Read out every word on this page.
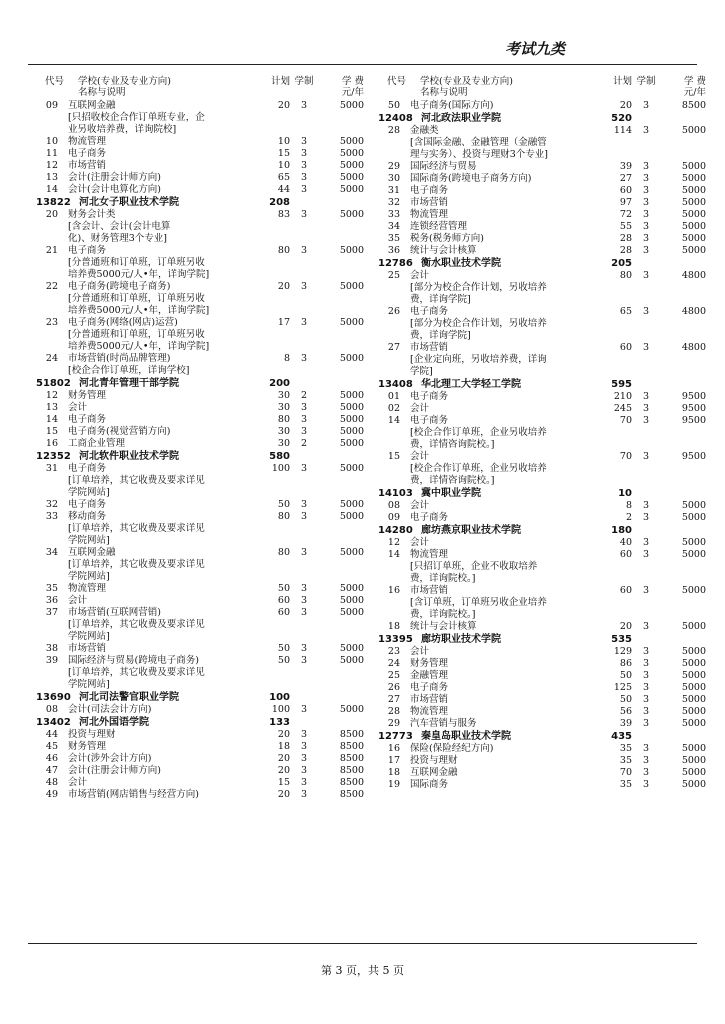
考试九类
代号	学校(专业及专业方向)
名称与说明
计划 学制	学 费
元/年
09	互联网金融
[只招收校企合作订单班专业，企
业另收培养费，详询院校]
20	3	5000
10	物流管理	10	3	5000
11	电子商务	15	3	5000
12	市场营销	10	3	5000
13	会计(注册会计师方向)	65	3	5000
14	会计(会计电算化方向)	44	3	5000
13822 河北女子职业技术学院	208
20	财务会计类
[含会计、会计(会计电算
化)、财务管理3个专业]
83	3	5000
21	电子商务
[分普通班和订单班，订单班另收
培养费5000元/人•年，详询学院]
80	3	5000
22	电子商务(跨境电子商务)
[分普通班和订单班，订单班另收
培养费5000元/人•年，详询学院]
20	3	5000
23	电子商务(网络(网店)运营)
[分普通班和订单班，订单班另收
培养费5000元/人•年，详询学院]
17	3	5000
24	市场营销(时尚品牌管理)
[校企合作订单班，详询学校]
8	3	5000
51802 河北青年管理干部学院	200
12	财务管理	30	2	5000
13	会计	30	3	5000
14	电子商务	80	3	5000
15	电子商务(视觉营销方向)	30	3	5000
16	工商企业管理	30	2	5000
12352 河北软件职业技术学院	580
31	电子商务
[订单培养，其它收费及要求详见
学院网站]
100	3	5000
32	电子商务	50	3	5000
33	移动商务
[订单培养，其它收费及要求详见
学院网站]
80	3	5000
34	互联网金融
[订单培养，其它收费及要求详见
学院网站]
80	3	5000
35	物流管理	50	3	5000
36	会计	60	3	5000
37	市场营销(互联网营销)
[订单培养，其它收费及要求详见
学院网站]
60	3	5000
38	市场营销	50	3	5000
39	国际经济与贸易(跨境电子商务)
[订单培养，其它收费及要求详见
学院网站]
50	3	5000
13690 河北司法警官职业学院	100
08	会计(司法会计方向)	100	3	5000
13402 河北外国语学院	133
44	投资与理财	20	3	8500
45	财务管理	18	3	8500
46	会计(涉外会计方向)	20	3	8500
47	会计(注册会计师方向)	20	3	8500
48	会计	15	3	8500
49	市场营销(网店销售与经营方向)	20	3	8500
代号	学校(专业及专业方向)
名称与说明
计划 学制	学 费
元/年
50	电子商务(国际方向)	20	3	8500
12408 河北政法职业学院	520
28	金融类
[含国际金融、金融管理（金融管
理与实务）、投资与理财3个专业]
114	3	5000
29	国际经济与贸易	39	3	5000
30	国际商务(跨境电子商务方向)	27	3	5000
31	电子商务	60	3	5000
32	市场营销	97	3	5000
33	物流管理	72	3	5000
34	连锁经营管理	55	3	5000
35	税务(税务师方向)	28	3	5000
36	统计与会计核算	28	3	5000
12786 衡水职业技术学院	205
25	会计
[部分为校企合作计划，另收培养
费，详询学院]
80	3	4800
26	电子商务
[部分为校企合作计划，另收培养
费，详询学院]
65	3	4800
27	市场营销
[企业定向班，另收培养费，详询
学院]
60	3	4800
13408 华北理工大学轻工学院	595
01	电子商务	210	3	9500
02	会计	245	3	9500
14	电子商务
[校企合作订单班，企业另收培养
费，详情咨询院校。]
70	3	9500
15	会计
[校企合作订单班，企业另收培养
费，详情咨询院校。]
70	3	9500
14103 冀中职业学院	10
08	会计	8	3	5000
09	电子商务	2	3	5000
14280 廊坊燕京职业技术学院	180
12	会计	40	3	5000
14	物流管理
[只招订单班，企业不收取培养
费，详询院校。]
60	3	5000
16	市场营销
[含订单班，订单班另收企业培养
费，详询院校。]
60	3	5000
18	统计与会计核算	20	3	5000
13395 廊坊职业技术学院	535
23	会计	129	3	5000
24	财务管理	86	3	5000
25	金融管理	50	3	5000
26	电子商务	125	3	5000
27	市场营销	50	3	5000
28	物流管理	56	3	5000
29	汽车营销与服务	39	3	5000
12773 秦皇岛职业技术学院	435
16	保险(保险经纪方向)	35	3	5000
17	投资与理财	35	3	5000
18	互联网金融	70	3	5000
19	国际商务	35	3	5000
第 3 页，共 5 页
